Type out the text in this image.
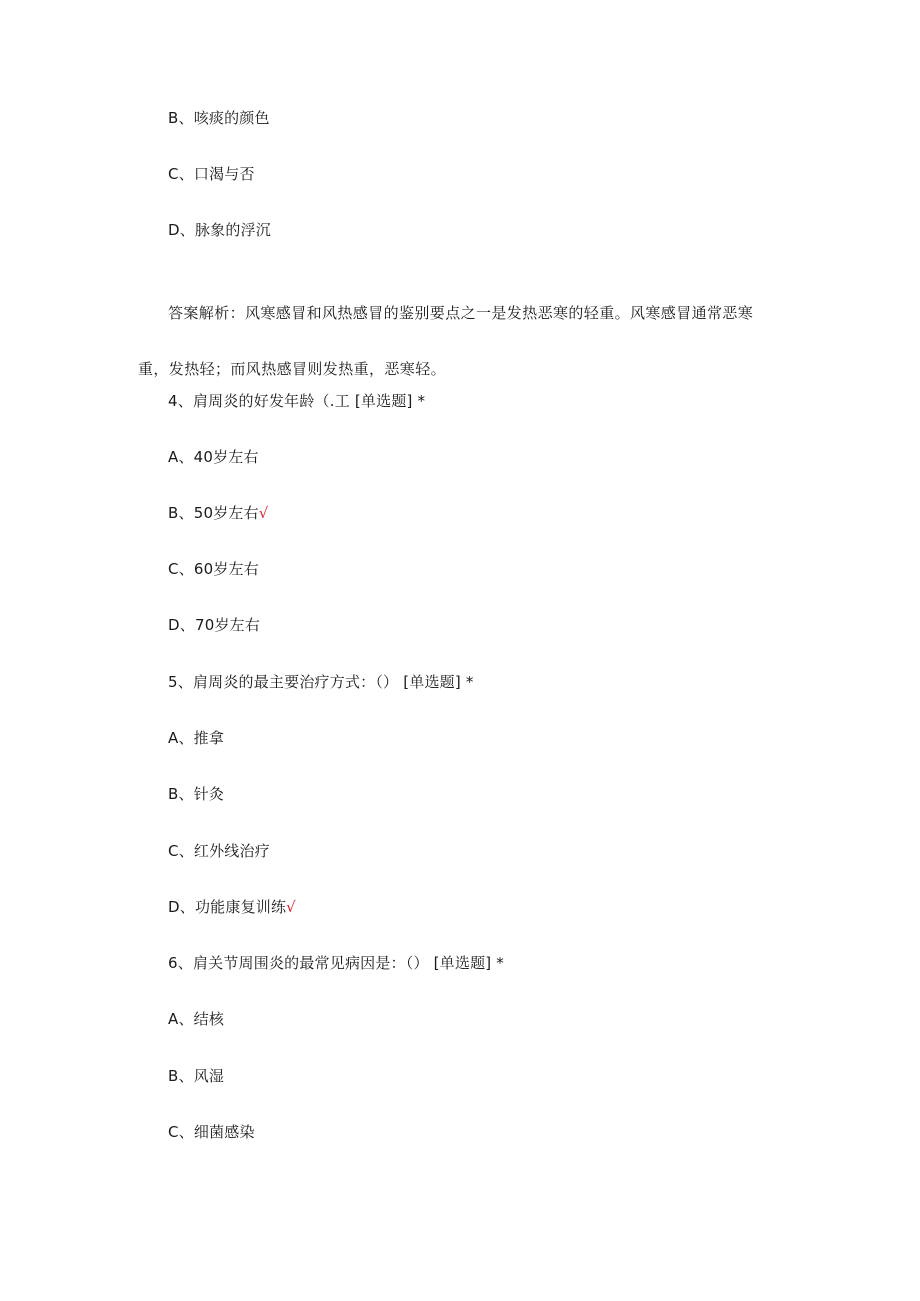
B、咳痰的颜色
C、口渴与否
D、脉象的浮沉
答案解析：风寒感冒和风热感冒的鉴别要点之一是发热恶寒的轻重。风寒感冒通常恶寒重，发热轻；而风热感冒则发热重，恶寒轻。
4、肩周炎的好发年龄（.工 [单选题] *
A、40岁左右
B、50岁左右√
C、60岁左右
D、70岁左右
5、肩周炎的最主要治疗方式：（） [单选题] *
A、推拿
B、针灸
C、红外线治疗
D、功能康复训练√
6、肩关节周围炎的最常见病因是：（） [单选题] *
A、结核
B、风湿
C、细菌感染
